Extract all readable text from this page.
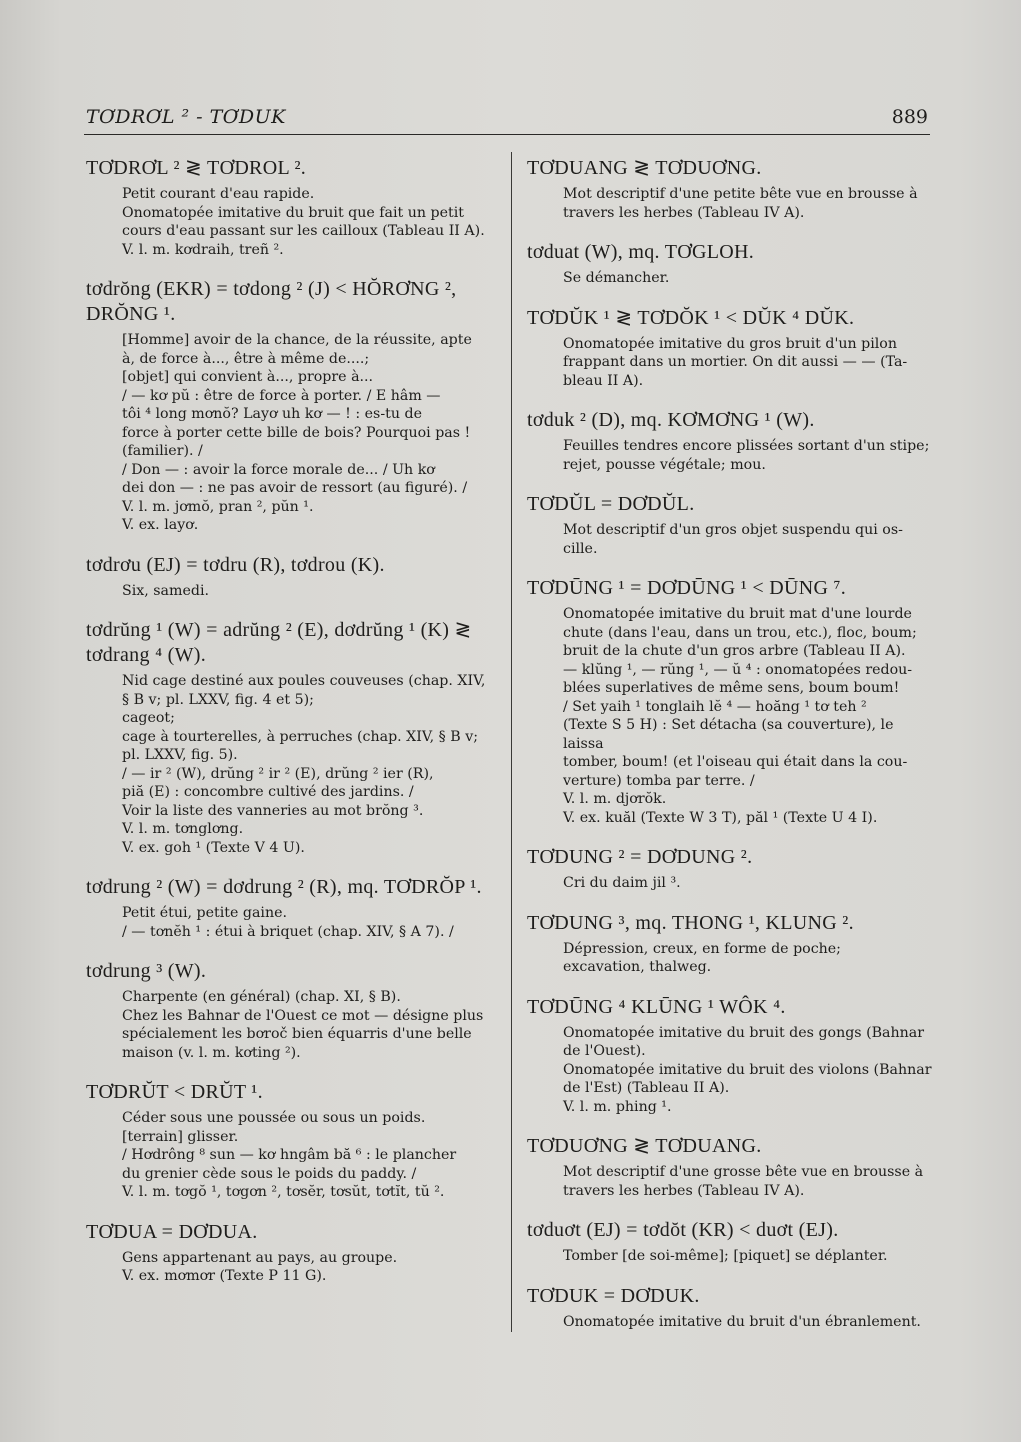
TƠDRƠL ² - TƠDUK	889
TƠDRƠL ² ≷ TƠDROL ².

Petit courant d'eau rapide.

Onomatopée imitative du bruit que fait un petit

cours d'eau passant sur les cailloux (Tableau II A).

V. l. m. kơdraih, treñ ².

tơdrŏng (EKR) = tơdong ² (J) < HŎRƠNG ², DRŎNG ¹.

[Homme] avoir de la chance, de la réussite, apte

à, de force à..., être à même de....;

[objet] qui convient à..., propre à...

/ — kơ pŭ : être de force à porter. / E hâm —

tôi ⁴ long mơnŏ? Layơ uh kơ — ! : es-tu de

force à porter cette bille de bois? Pourquoi pas !

(familier). /

/ Don — : avoir la force morale de... / Uh kơ

dei don — : ne pas avoir de ressort (au figuré). /

V. l. m. jơmŏ, pran ², pŭn ¹.

V. ex. layơ.

tơdrơu (EJ) = tơdru (R), tơdrou (K).

Six, samedi.

tơdrŭng ¹ (W) = adrŭng ² (E), dơdrŭng ¹ (K) ≷ tơdrang ⁴ (W).

Nid cage destiné aux poules couveuses (chap. XIV,

§ B v; pl. LXXV, fig. 4 et 5);

cageot;

cage à tourterelles, à perruches (chap. XIV, § B v;

pl. LXXV, fig. 5).

/ — ir ² (W), drŭng ² ir ² (E), drŭng ² ier (R),

piă (E) : concombre cultivé des jardins. /

Voir la liste des vanneries au mot brŏng ³.

V. l. m. tơnglơng.

V. ex. goh ¹ (Texte V 4 U).

tơdrung ² (W) = dơdrung ² (R), mq. TƠDRŎP ¹.

Petit étui, petite gaine.

/ — tơnĕh ¹ : étui à briquet (chap. XIV, § A 7). /

tơdrung ³ (W).

Charpente (en général) (chap. XI, § B).

Chez les Bahnar de l'Ouest ce mot — désigne plus

spécialement les bơroč bien équarris d'une belle

maison (v. l. m. kơting ²).

TƠDRŬT < DRŬT ¹.

Céder sous une poussée ou sous un poids.

[terrain] glisser.

/ Hơdrông ⁸ sun — kơ hngâm bă ⁶ : le plancher

du grenier cède sous le poids du paddy. /

V. l. m. tơgŏ ¹, tơgơn ², tơsĕr, tơsŭt, tơtĭt, tŭ ².

TƠDUA = DƠDUA.

Gens appartenant au pays, au groupe.

V. ex. mơmơr (Texte P 11 G).

TƠDUANG ≷ TƠDUƠNG.

Mot descriptif d'une petite bête vue en brousse à

travers les herbes (Tableau IV A).

tơduat (W), mq. TƠGLOH.

Se démancher.

TƠDŬK ¹ ≷ TƠDŎK ¹ < DŬK ⁴ DŬK.

Onomatopée imitative du gros bruit d'un pilon

frappant dans un mortier. On dit aussi — — (Ta-

bleau II A).

tơduk ² (D), mq. KƠMƠNG ¹ (W).

Feuilles tendres encore plissées sortant d'un stipe;

rejet, pousse végétale; mou.

TƠDŬL = DƠDŬL.

Mot descriptif d'un gros objet suspendu qui os-

cille.

TƠDŪNG ¹ = DƠDŪNG ¹ < DŪNG ⁷.

Onomatopée imitative du bruit mat d'une lourde

chute (dans l'eau, dans un trou, etc.), floc, boum;

bruit de la chute d'un gros arbre (Tableau II A).

— klŭng ¹, — rŭng ¹, — ŭ ⁴ : onomatopées redou-

blées superlatives de même sens, boum boum!

/ Set yaih ¹ tonglaih lĕ ⁴ — hoăng ¹ tơ teh ²

(Texte S 5 H) : Set détacha (sa couverture), le laissa

tomber, boum! (et l'oiseau qui était dans la cou-

verture) tomba par terre. /

V. l. m. djơrŏk.

V. ex. kuăl (Texte W 3 T), păl ¹ (Texte U 4 I).

TƠDUNG ² = DƠDUNG ².

Cri du daim jil ³.

TƠDUNG ³, mq. THONG ¹, KLUNG ².

Dépression, creux, en forme de poche;

excavation, thalweg.

TƠDŪNG ⁴ KLŪNG ¹ WÔK ⁴.

Onomatopée imitative du bruit des gongs (Bahnar

de l'Ouest).

Onomatopée imitative du bruit des violons (Bahnar

de l'Est) (Tableau II A).

V. l. m. phing ¹.

TƠDUƠNG ≷ TƠDUANG.

Mot descriptif d'une grosse bête vue en brousse à

travers les herbes (Tableau IV A).

tơduơt (EJ) = tơdŏt (KR) < duơt (EJ).

Tomber [de soi-même]; [piquet] se déplanter.

TƠDUK = DƠDUK.

Onomatopée imitative du bruit d'un ébranlement.
